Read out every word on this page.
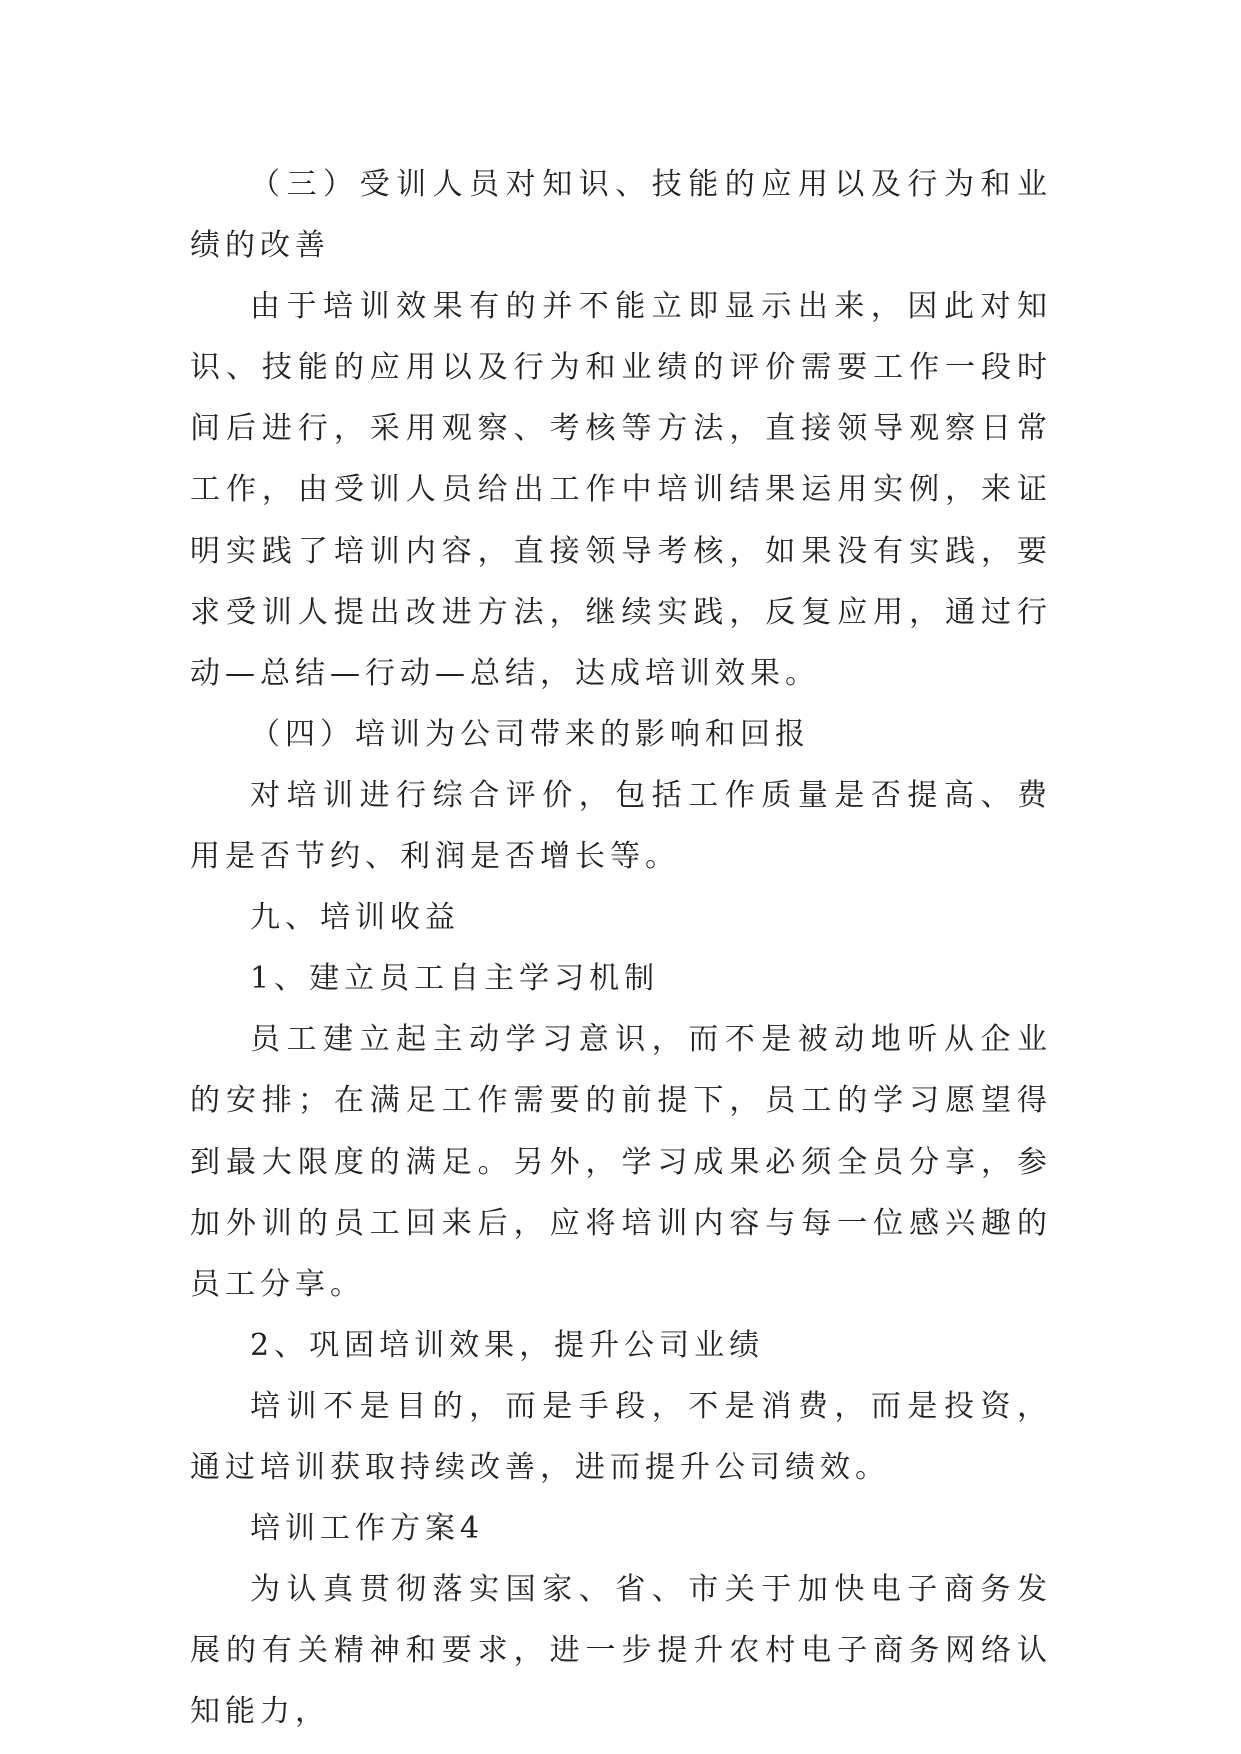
（三）受训人员对知识、技能的应用以及行为和业绩的改善

由于培训效果有的并不能立即显示出来，因此对知识、技能的应用以及行为和业绩的评价需要工作一段时间后进行，采用观察、考核等方法，直接领导观察日常工作，由受训人员给出工作中培训结果运用实例，来证明实践了培训内容，直接领导考核，如果没有实践，要求受训人提出改进方法，继续实践，反复应用，通过行动—总结—行动—总结，达成培训效果。

（四）培训为公司带来的影响和回报

对培训进行综合评价，包括工作质量是否提高、费用是否节约、利润是否增长等。

九、培训收益

1、建立员工自主学习机制

员工建立起主动学习意识，而不是被动地听从企业的安排；在满足工作需要的前提下，员工的学习愿望得到最大限度的满足。另外，学习成果必须全员分享，参加外训的员工回来后，应将培训内容与每一位感兴趣的员工分享。

2、巩固培训效果，提升公司业绩

培训不是目的，而是手段，不是消费，而是投资，通过培训获取持续改善，进而提升公司绩效。

培训工作方案4

为认真贯彻落实国家、省、市关于加快电子商务发展的有关精神和要求，进一步提升农村电子商务网络认知能力，
